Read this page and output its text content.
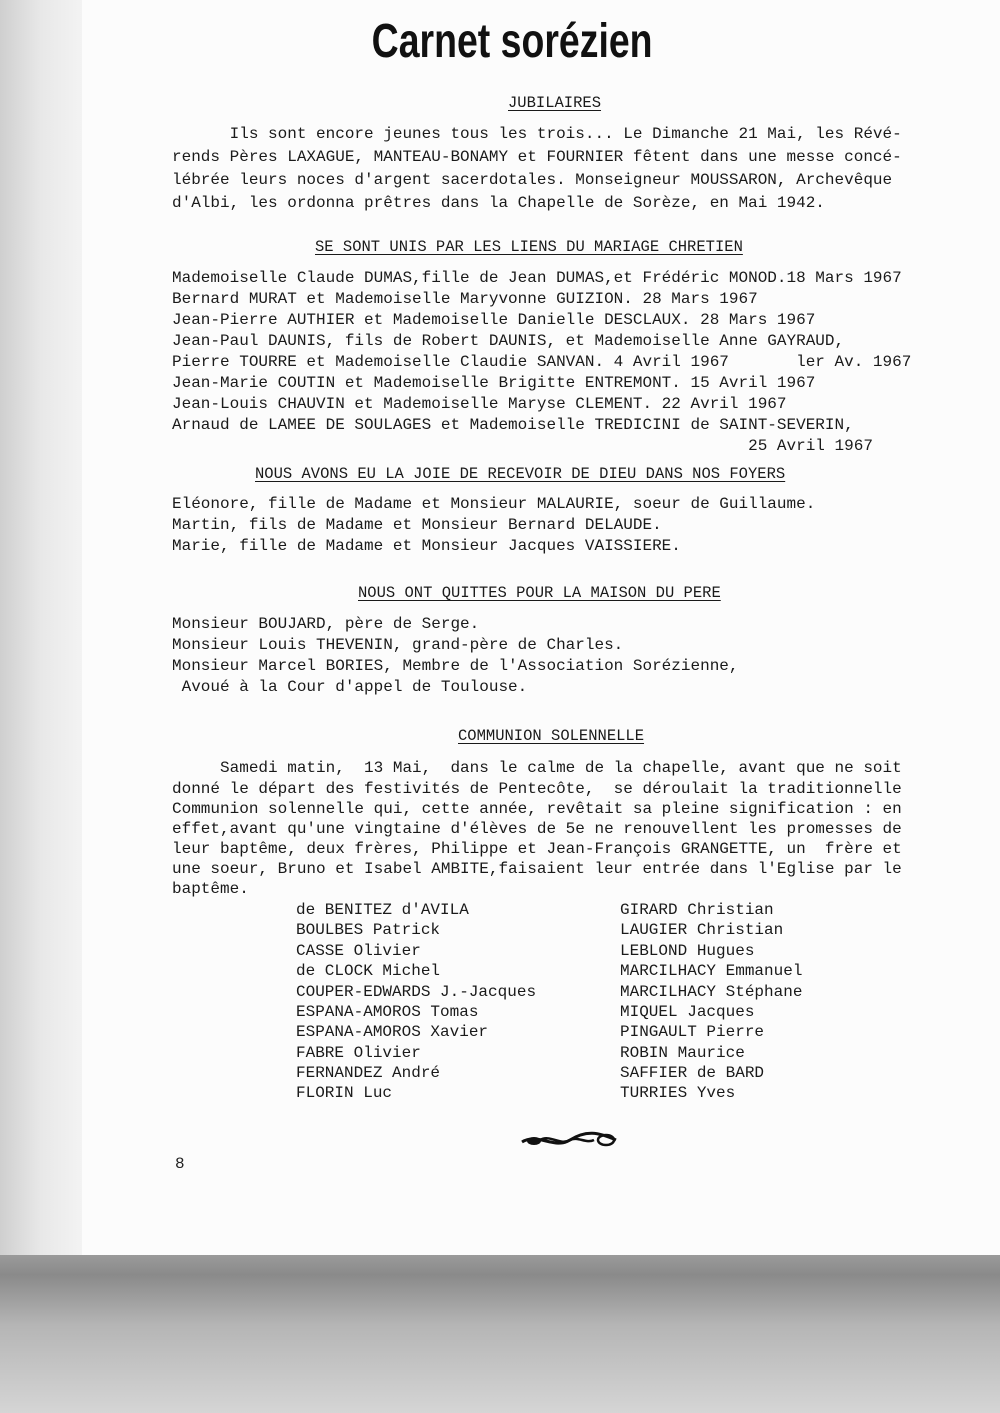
Carnet sorézien
JUBILAIRES
Ils sont encore jeunes tous les trois... Le Dimanche 21 Mai, les Révé-
rends Pères LAXAGUE, MANTEAU-BONAMY et FOURNIER fêtent dans une messe concé-
lébrée leurs noces d'argent sacerdotales. Monseigneur MOUSSARON, Archevêque
d'Albi, les ordonna prêtres dans la Chapelle de Sorèze, en Mai 1942.
SE SONT UNIS PAR LES LIENS DU MARIAGE CHRETIEN
Mademoiselle Claude DUMAS,fille de Jean DUMAS,et Frédéric MONOD.18 Mars 1967
Bernard MURAT et Mademoiselle Maryvonne GUIZION. 28 Mars 1967
Jean-Pierre AUTHIER et Mademoiselle Danielle DESCLAUX. 28 Mars 1967
Jean-Paul DAUNIS, fils de Robert DAUNIS, et Mademoiselle Anne GAYRAUD,
Pierre TOURRE et Mademoiselle Claudie SANVAN. 4 Avril 1967       ler Av. 1967
Jean-Marie COUTIN et Mademoiselle Brigitte ENTREMONT. 15 Avril 1967
Jean-Louis CHAUVIN et Mademoiselle Maryse CLEMENT. 22 Avril 1967
Arnaud de LAMEE DE SOULAGES et Mademoiselle TREDICINI de SAINT-SEVERIN,
25 Avril 1967
NOUS AVONS EU LA JOIE DE RECEVOIR DE DIEU DANS NOS FOYERS
Eléonore, fille de Madame et Monsieur MALAURIE, soeur de Guillaume.
Martin, fils de Madame et Monsieur Bernard DELAUDE.
Marie, fille de Madame et Monsieur Jacques VAISSIERE.
NOUS ONT QUITTES POUR LA MAISON DU PERE
Monsieur BOUJARD, père de Serge.
Monsieur Louis THEVENIN, grand-père de Charles.
Monsieur Marcel BORIES, Membre de l'Association Sorézienne,
Avoué à la Cour d'appel de Toulouse.
COMMUNION SOLENNELLE
Samedi matin,  13 Mai,  dans le calme de la chapelle, avant que ne soit
donné le départ des festivités de Pentecôte,  se déroulait la traditionnelle
Communion solennelle qui, cette année, revêtait sa pleine signification : en
effet,avant qu'une vingtaine d'élèves de 5e ne renouvellent les promesses de
leur baptême, deux frères, Philippe et Jean-François GRANGETTE, un  frère et
une soeur, Bruno et Isabel AMBITE,faisaient leur entrée dans l'Eglise par le
baptême.
de BENITEZ d'AVILA
BOULBES Patrick
CASSE Olivier
de CLOCK Michel
COUPER-EDWARDS J.-Jacques
ESPANA-AMOROS Tomas
ESPANA-AMOROS Xavier
FABRE Olivier
FERNANDEZ André
FLORIN Luc
GIRARD Christian
LAUGIER Christian
LEBLOND Hugues
MARCILHACY Emmanuel
MARCILHACY Stéphane
MIQUEL Jacques
PINGAULT Pierre
ROBIN Maurice
SAFFIER de BARD
TURRIES Yves
8
